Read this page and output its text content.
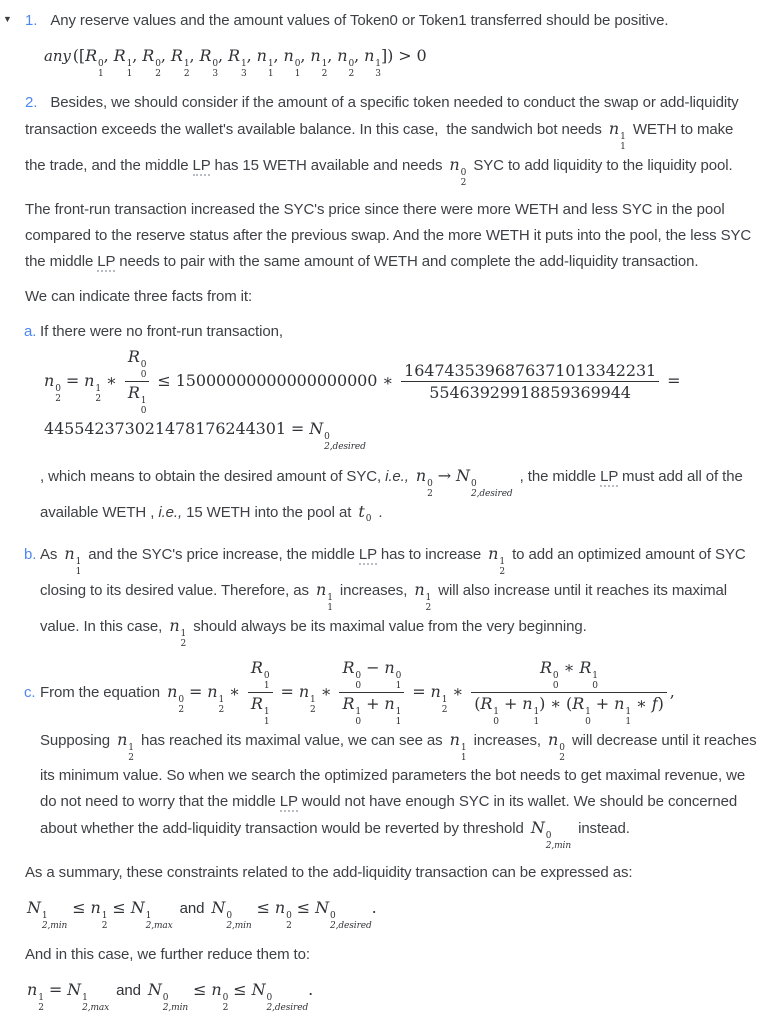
▼ 1. Any reserve values and the amount values of Token0 or Token1 transferred should be positive.
any ([R 0
1
, R 1
1
, R 0
2
, R 1
2
, R 0
3
, R 1
3
, n 1
1
, n 0
1
, n 1
2
, n 0
2
, n 1
3
]) > 0
2. Besides, we should consider if the amount of a specific token needed to conduct the swap or add-liquidity transaction exceeds the wallet's available balance. In this case,  the sandwich bot needs n 1
1
WETH to make the trade, and the middle LP has 15 WETH available and needs n 0
2
SYC to add liquidity to the liquidity pool.
The front-run transaction increased the SYC's price since there were more WETH and less SYC in the pool compared to the reserve status after the previous swap. And the more WETH it puts into the pool, the less SYC the middle LP needs to pair with the same amount of WETH and complete the add-liquidity transaction.
We can indicate three facts from it:
a. If there were no front-run transaction,
n 0
2
= n 1
2
∗ R 0
0
R 1
0 ≤ 15000000000000000000 ∗ $\frac{1647435396876371013342231}{55463929918859369944}$ =
445542373021478176244301 = N 0
2,desired
, which means to obtain the desired amount of SYC, i.e., n 0
2
→ N 0
2,desired
, the middle LP must add all of the available WETH , i.e., 15 WETH into the pool at $t_0$ .
b. As n 1
1
and the SYC's price increase, the middle LP has to increase n 1
2
to add an optimized amount of SYC closing to its desired value. Therefore, as n 1
1
increases, n 1
2
will also increase until it reaches its maximal value. In this case, n 1
2
should always be its maximal value from the very beginning.
c. From the equation n 0
2
= n 1
2
∗ R 0
1
R 1
1 = n 1
2
∗ R 0
0
− n 0
1
R 1
0
+ n 1
1 = n 1
2
∗ R 0
0
∗ R 1
0
(R 1
0
+ n 1
1
) ∗ (R 1
0
+ n 1
1
∗ f) ,
Supposing n 1
2
has reached its maximal value, we can see as n 1
1
increases, n 0
2
will decrease until it reaches its minimum value. So when we search the optimized parameters the bot needs to get maximal revenue, we do not need to worry that the middle LP would not have enough SYC in its wallet. We should be concerned about whether the add-liquidity transaction would be reverted by threshold N 0
2,min
instead.
As a summary, these constraints related to the add-liquidity transaction can be expressed as:
N 1
2,min
≤ n 1
2
≤ N 1
2,max
and N 0
2,min
≤ n 0
2
≤ N 0
2,desired
.
And in this case, we further reduce them to:
n 1
2
= N 1
2,max
and N 0
2,min
≤ n 0
2
≤ N 0
2,desired
.
